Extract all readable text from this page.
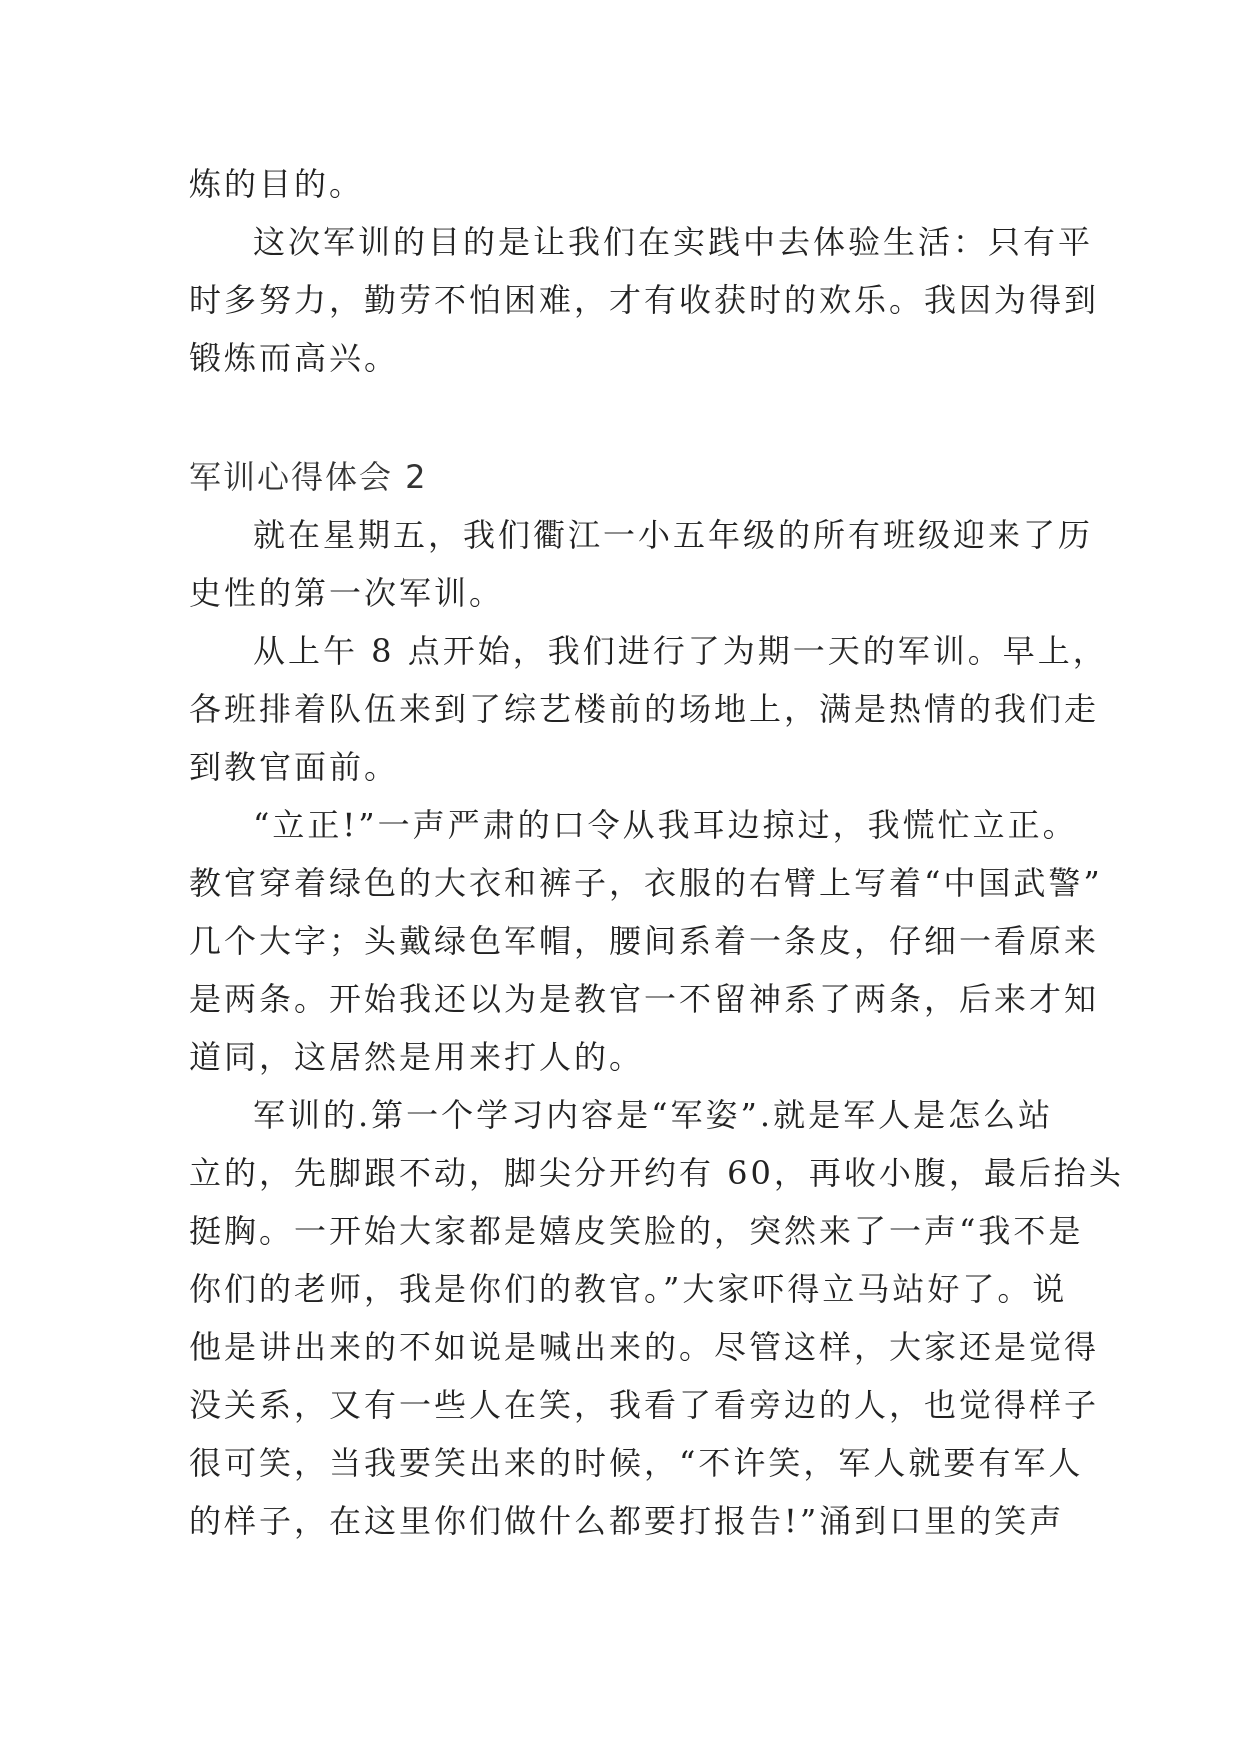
炼的目的。
这次军训的目的是让我们在实践中去体验生活：只有平
时多努力，勤劳不怕困难，才有收获时的欢乐。我因为得到
锻炼而高兴。
军训心得体会 2
就在星期五，我们衢江一小五年级的所有班级迎来了历
史性的第一次军训。
从上午 8 点开始，我们进行了为期一天的军训。早上，
各班排着队伍来到了综艺楼前的场地上，满是热情的我们走
到教官面前。
“立正!”一声严肃的口令从我耳边掠过，我慌忙立正。
教官穿着绿色的大衣和裤子，衣服的右臂上写着“中国武警”
几个大字；头戴绿色军帽，腰间系着一条皮，仔细一看原来
是两条。开始我还以为是教官一不留神系了两条，后来才知
道同，这居然是用来打人的。
军训的.第一个学习内容是“军姿”.就是军人是怎么站
立的，先脚跟不动，脚尖分开约有 60，再收小腹，最后抬头
挺胸。一开始大家都是嬉皮笑脸的，突然来了一声“我不是
你们的老师，我是你们的教官。”大家吓得立马站好了。说
他是讲出来的不如说是喊出来的。尽管这样，大家还是觉得
没关系，又有一些人在笑，我看了看旁边的人，也觉得样子
很可笑，当我要笑出来的时候，“不许笑，军人就要有军人
的样子，在这里你们做什么都要打报告!”涌到口里的笑声
